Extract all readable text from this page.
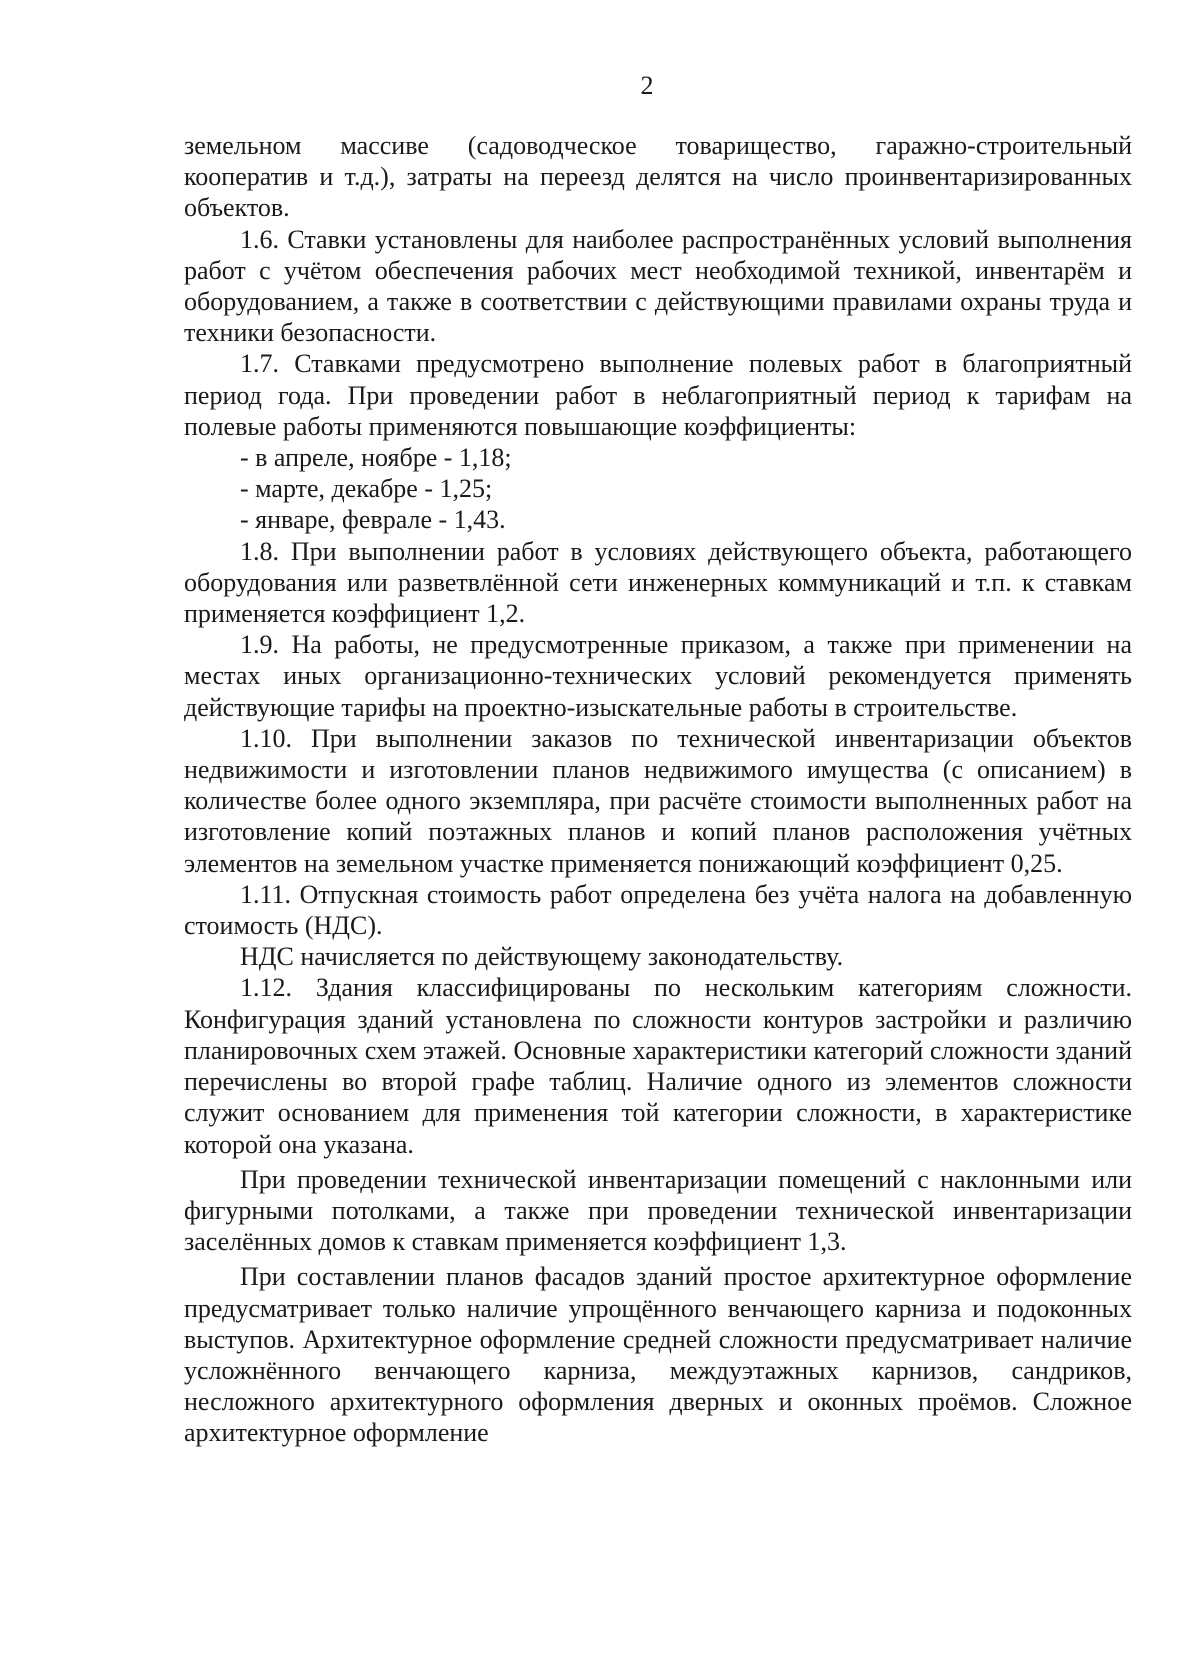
2

земельном массиве (садоводческое товарищество, гаражно-строительный кооператив и т.д.), затраты на переезд делятся на число проинвентаризированных объектов.

1.6. Ставки установлены для наиболее распространённых условий выполнения работ с учётом обеспечения рабочих мест необходимой техникой, инвентарём и оборудованием, а также в соответствии с действующими правилами охраны труда и техники безопасности.

1.7. Ставками предусмотрено выполнение полевых работ в благоприятный период года. При проведении работ в неблагоприятный период к тарифам на полевые работы применяются повышающие коэффициенты:

- в апреле, ноябре - 1,18;

- марте, декабре - 1,25;

- январе, феврале - 1,43.

1.8. При выполнении работ в условиях действующего объекта, работающего оборудования или разветвлённой сети инженерных коммуникаций и т.п. к ставкам применяется коэффициент 1,2.

1.9. На работы, не предусмотренные приказом, а также при применении на местах иных организационно-технических условий рекомендуется применять действующие тарифы на проектно-изыскательные работы в строительстве.

1.10. При выполнении заказов по технической инвентаризации объектов недвижимости и изготовлении планов недвижимого имущества (с описанием) в количестве более одного экземпляра, при расчёте стоимости выполненных работ на изготовление копий поэтажных планов и копий планов расположения учётных элементов на земельном участке применяется понижающий коэффициент 0,25.

1.11. Отпускная стоимость работ определена без учёта налога на добавленную стоимость (НДС).

НДС начисляется по действующему законодательству.

1.12. Здания классифицированы по нескольким категориям сложности. Конфигурация зданий установлена по сложности контуров застройки и различию планировочных схем этажей. Основные характеристики категорий сложности зданий перечислены во второй графе таблиц. Наличие одного из элементов сложности служит основанием для применения той категории сложности, в характеристике которой она указана.

При проведении технической инвентаризации помещений с наклонными или фигурными потолками, а также при проведении технической инвентаризации заселённых домов к ставкам применяется коэффициент 1,3.

При составлении планов фасадов зданий простое архитектурное оформление предусматривает только наличие упрощённого венчающего карниза и подоконных выступов. Архитектурное оформление средней сложности предусматривает наличие усложнённого венчающего карниза, междуэтажных карнизов, сандриков, несложного архитектурного оформления дверных и оконных проёмов. Сложное архитектурное оформление
